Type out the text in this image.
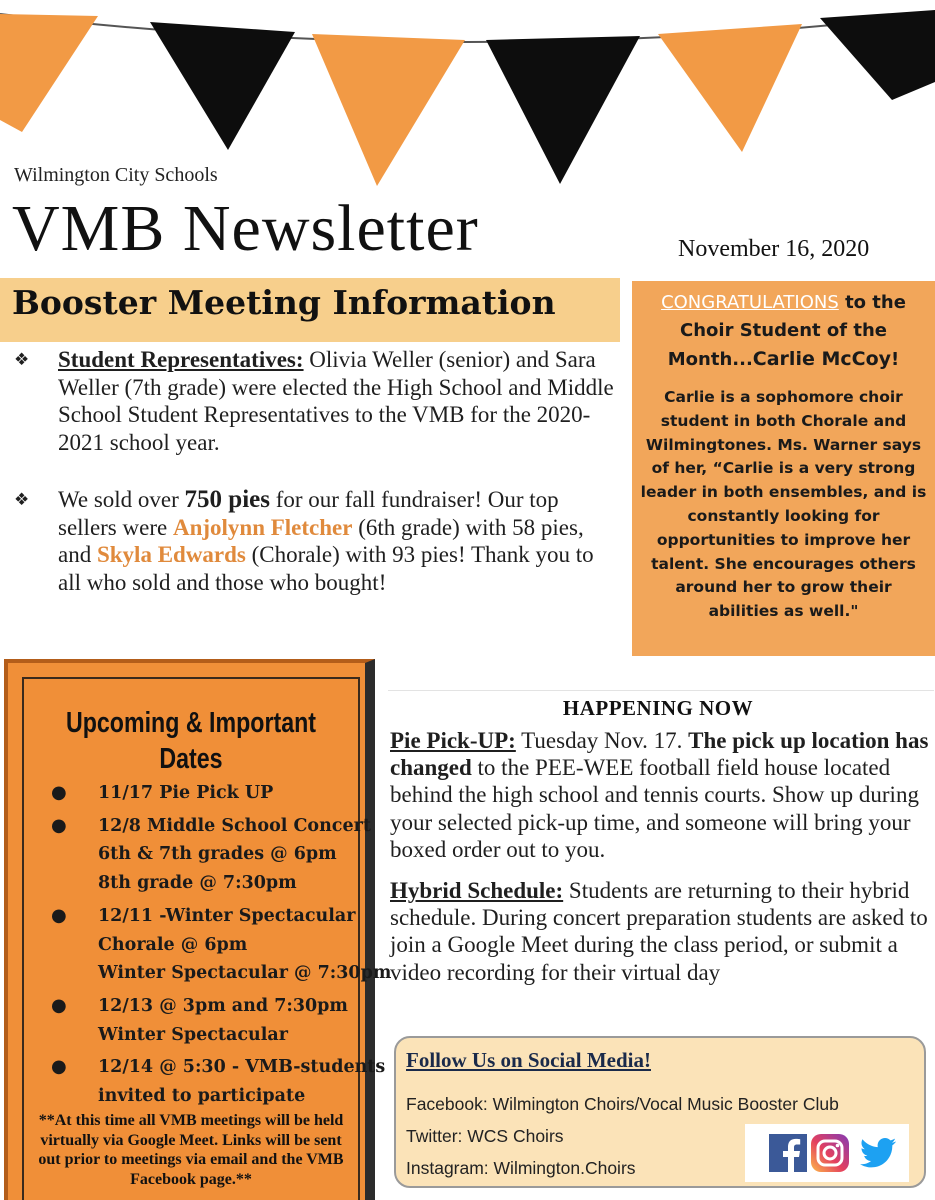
Wilmington City Schools
VMB Newsletter	November 16, 2020
Booster Meeting Information
❖ Student Representatives: Olivia Weller (senior) and Sara Weller (7th grade) were elected the High School and Middle School Student Representatives to the VMB for the 2020-2021 school year.
❖ We sold over 750 pies for our fall fundraiser! Our top sellers were Anjolynn Fletcher (6th grade) with 58 pies, and Skyla Edwards (Chorale) with 93 pies! Thank you to all who sold and those who bought!
CONGRATULATIONS to the Choir Student of the Month...Carlie McCoy!
Carlie is a sophomore choir student in both Chorale and Wilmingtones. Ms. Warner says of her, “Carlie is a very strong leader in both ensembles, and is constantly looking for opportunities to improve her talent. She encourages others around her to grow their abilities as well."
Upcoming & Important
Dates
● 11/17 Pie Pick UP
● 12/8 Middle School Concert
6th & 7th grades @ 6pm
8th grade @ 7:30pm
● 12/11 -Winter Spectacular
Chorale @ 6pm
Winter Spectacular @ 7:30pm
● 12/13 @ 3pm and 7:30pm
Winter Spectacular
● 12/14 @ 5:30 - VMB-students
invited to participate
**At this time all VMB meetings will be held virtually via Google Meet. Links will be sent out prior to meetings via email and the VMB Facebook page.**
HAPPENING NOW

Pie Pick-UP: Tuesday Nov. 17. The pick up location has changed to the PEE-WEE football field house located behind the high school and tennis courts. Show up during your selected pick-up time, and someone will bring your boxed order out to you.

Hybrid Schedule: Students are returning to their hybrid schedule. During concert preparation students are asked to join a Google Meet during the class period, or submit a video recording for their virtual day

Follow Us on Social Media!
Facebook: Wilmington Choirs/Vocal Music Booster Club
Twitter: WCS Choirs
Instagram: Wilmington.Choirs
